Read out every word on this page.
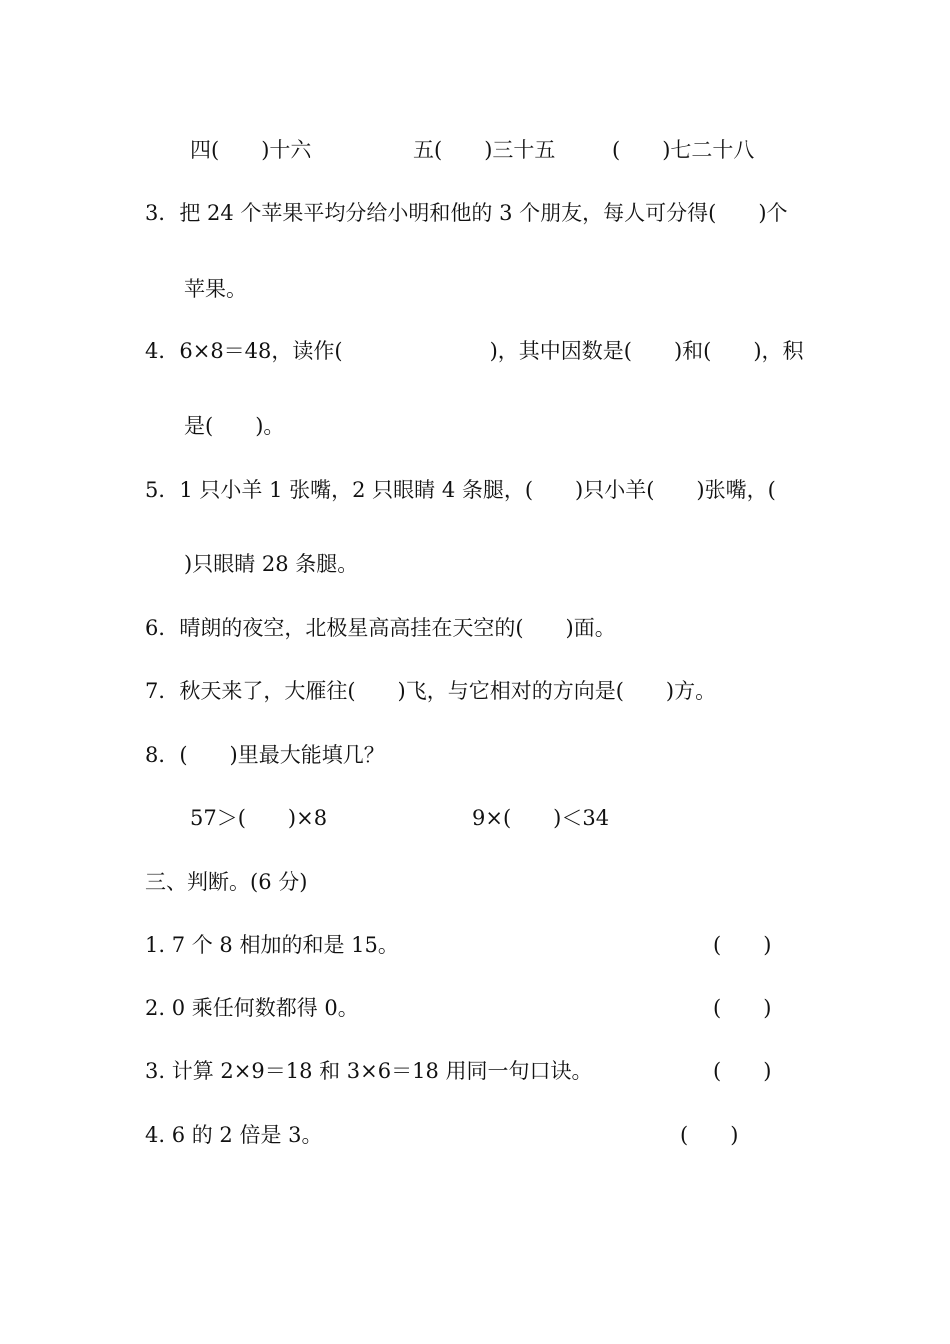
四(　　)十六	五(　　)三十五	(　　)七二十八
3．把 24 个苹果平均分给小明和他的 3 个朋友，每人可分得(　　)个
苹果。
4．6×8＝48，读作(　　　　　　　)，其中因数是(　　)和(　　)，积
是(　　)。
5．1 只小羊 1 张嘴，2 只眼睛 4 条腿，(　　)只小羊(　　)张嘴，(
)只眼睛 28 条腿。
6．晴朗的夜空，北极星高高挂在天空的(　　)面。
7．秋天来了，大雁往(　　)飞，与它相对的方向是(　　)方。
8．(　　)里最大能填几？
57＞(　　)×8	9×(　　)＜34
三、判断。(6 分)
1. 7 个 8 相加的和是 15。	(　　)
2. 0 乘任何数都得 0。	(　　)
3. 计算 2×9＝18 和 3×6＝18 用同一句口诀。	(　　)
4. 6 的 2 倍是 3。	(　　)
